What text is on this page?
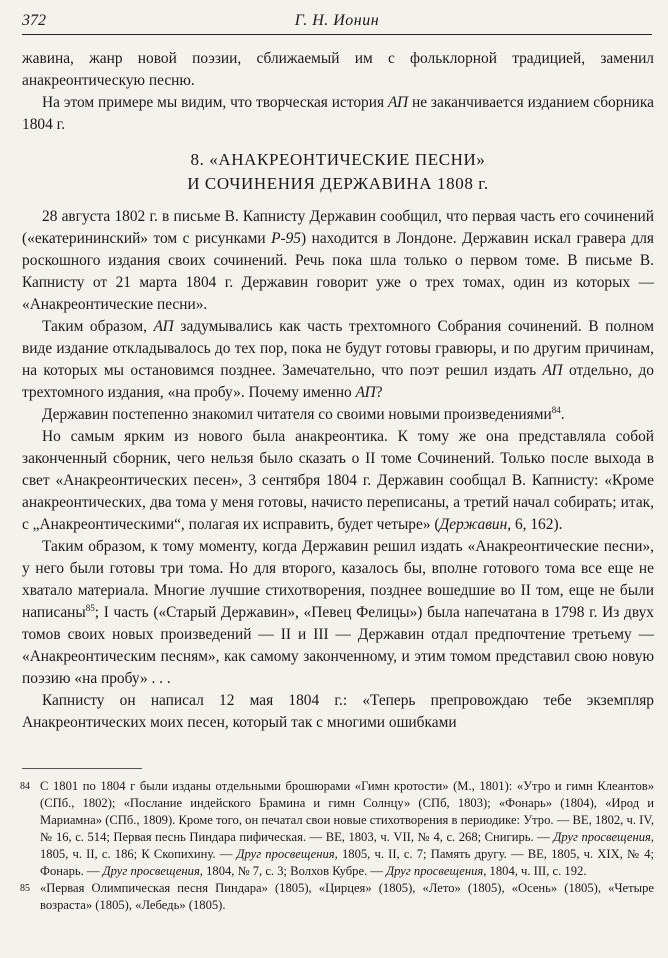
372	Г. Н. Ионин

жавина, жанр новой поэзии, сближаемый им с фольклорной традицией, заменил анакреонтическую песню.

На этом примере мы видим, что творческая история АП не заканчивается изданием сборника 1804 г.

8. «АНАКРЕОНТИЧЕСКИЕ ПЕСНИ»
И СОЧИНЕНИЯ ДЕРЖАВИНА 1808 г.

28 августа 1802 г. в письме В. Капнисту Державин сообщил, что первая часть его сочинений («екатерининский» том с рисунками Р-95) находится в Лондоне. Державин искал гравера для роскошного издания своих сочинений. Речь пока шла только о первом томе. В письме В. Капнисту от 21 марта 1804 г. Державин говорит уже о трех томах, один из которых — «Анакреонтические песни».

Таким образом, АП задумывались как часть трехтомного Собрания сочинений. В полном виде издание откладывалось до тех пор, пока не будут готовы гравюры, и по другим причинам, на которых мы остановимся позднее. Замечательно, что поэт решил издать АП отдельно, до трехтомного издания, «на пробу». Почему именно АП?

Державин постепенно знакомил читателя со своими новыми произведениями$^{84}$.

Но самым ярким из нового была анакреонтика. К тому же она представляла собой законченный сборник, чего нельзя было сказать о II томе Сочинений. Только после выхода в свет «Анакреонтических песен», 3 сентября 1804 г. Державин сообщал В. Капнисту: «Кроме анакреонтических, два тома у меня готовы, начисто переписаны, а третий начал собирать; итак, с „Анакреонтическими“, полагая их исправить, будет четыре» (Державин, 6, 162).

Таким образом, к тому моменту, когда Державин решил издать «Анакреонтические песни», у него были готовы три тома. Но для второго, казалось бы, вполне готового тома все еще не хватало материала. Многие лучшие стихотворения, позднее вошедшие во II том, еще не были написаны$^{85}$; I часть («Старый Державин», «Певец Фелицы») была напечатана в 1798 г. Из двух томов своих новых произведений — II и III — Державин отдал предпочтение третьему — «Анакреонтическим песням», как самому законченному, и этим томом представил свою новую поэзию «на пробу» . . .

Капнисту он написал 12 мая 1804 г.: «Теперь препровождаю тебе экземпляр Анакреонтических моих песен, который так с многими ошибками

84 С 1801 по 1804 г были изданы отдельными брошюрами «Гимн кротости» (М., 1801): «Утро и гимн Клеантов» (СПб., 1802); «Послание индейского Брамина и гимн Солнцу» (СПб, 1803); «Фонарь» (1804), «Ирод и Мариамна» (СПб., 1809). Кроме того, он печатал свои новые стихотворения в периодике: Утро. — ВЕ, 1802, ч. IV, № 16, с. 514; Первая песнь Пиндара пифическая. — ВЕ, 1803, ч. VII, № 4, с. 268; Снигирь. — Друг просвещения, 1805, ч. II, с. 186; К Скопихину. — Друг просвещения, 1805, ч. II, с. 7; Память другу. — ВЕ, 1805, ч. XIX, № 4; Фонарь. — Друг просвещения, 1804, № 7, с. 3; Волхов Кубре. — Друг просвещения, 1804, ч. III, с. 192.

85 «Первая Олимпическая песня Пиндара» (1805), «Цирцея» (1805), «Лето» (1805), «Осень» (1805), «Четыре возраста» (1805), «Лебедь» (1805).
